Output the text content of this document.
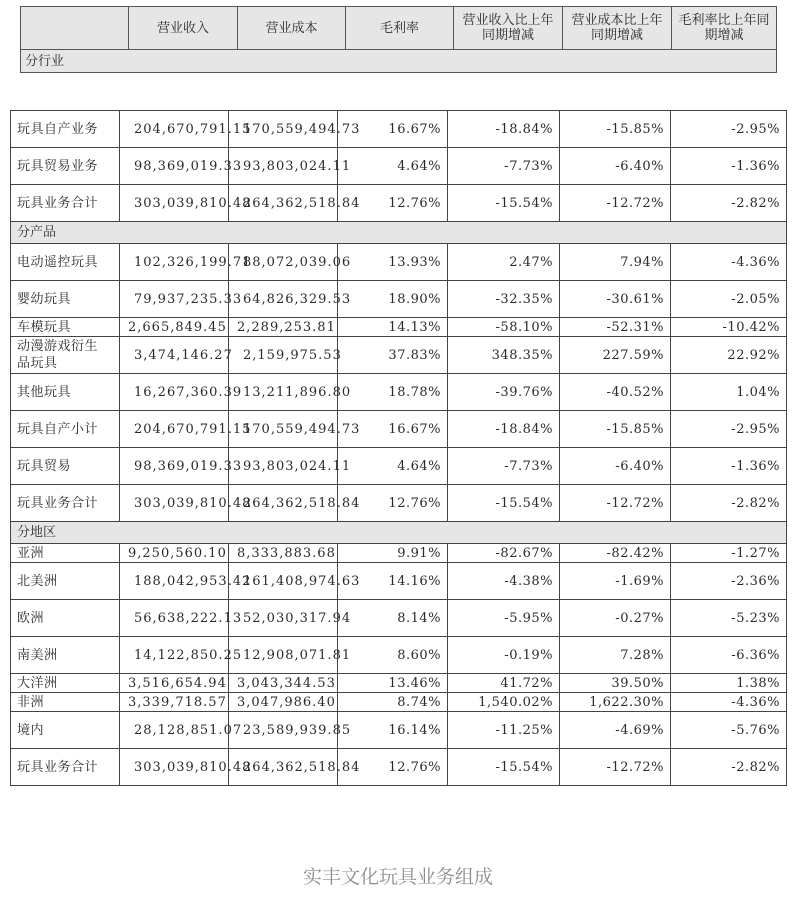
	营业收入	营业成本	毛利率	营业收入比上年同期增减	营业成本比上年同期增减	毛利率比上年同期增减
分行业
玩具自产业务	204,670,791.15	170,559,494.73	16.67%	-18.84%	-15.85%	-2.95%
玩具贸易业务	98,369,019.33	93,803,024.11	4.64%	-7.73%	-6.40%	-1.36%
玩具业务合计	303,039,810.48	264,362,518.84	12.76%	-15.54%	-12.72%	-2.82%
分产品						
电动遥控玩具	102,326,199.71	88,072,039.06	13.93%	2.47%	7.94%	-4.36%
婴幼玩具	79,937,235.33	64,826,329.53	18.90%	-32.35%	-30.61%	-2.05%
车模玩具	2,665,849.45	2,289,253.81	14.13%	-58.10%	-52.31%	-10.42%
动漫游戏衍生品玩具	3,474,146.27	2,159,975.53	37.83%	348.35%	227.59%	22.92%
其他玩具	16,267,360.39	13,211,896.80	18.78%	-39.76%	-40.52%	1.04%
玩具自产小计	204,670,791.15	170,559,494.73	16.67%	-18.84%	-15.85%	-2.95%
玩具贸易	98,369,019.33	93,803,024.11	4.64%	-7.73%	-6.40%	-1.36%
玩具业务合计	303,039,810.48	264,362,518.84	12.76%	-15.54%	-12.72%	-2.82%
分地区						
亚洲	9,250,560.10	8,333,883.68	9.91%	-82.67%	-82.42%	-1.27%
北美洲	188,042,953.42	161,408,974.63	14.16%	-4.38%	-1.69%	-2.36%
欧洲	56,638,222.13	52,030,317.94	8.14%	-5.95%	-0.27%	-5.23%
南美洲	14,122,850.25	12,908,071.81	8.60%	-0.19%	7.28%	-6.36%
大洋洲	3,516,654.94	3,043,344.53	13.46%	41.72%	39.50%	1.38%
非洲	3,339,718.57	3,047,986.40	8.74%	1,540.02%	1,622.30%	-4.36%
境内	28,128,851.07	23,589,939.85	16.14%	-11.25%	-4.69%	-5.76%
玩具业务合计	303,039,810.48	264,362,518.84	12.76%	-15.54%	-12.72%	-2.82%
实丰文化玩具业务组成
